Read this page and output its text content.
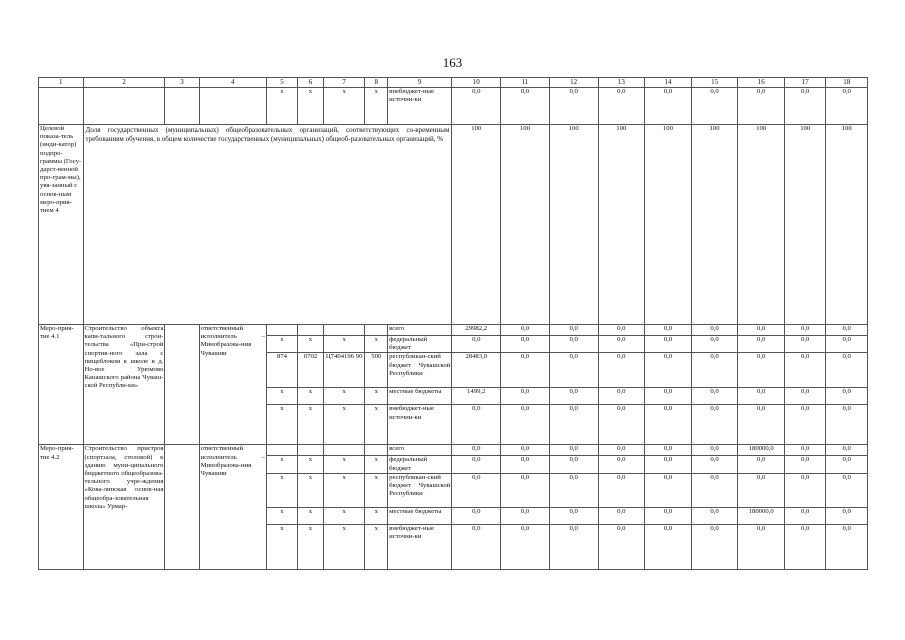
163
1	2	3	4	5	6	7	8	9	10	11	12	13	14	15	16	17	18
				x	x	x	x	внебюджет-ные источни-ки	0,0	0,0	0,0	0,0	0,0	0,0	0,0	0,0	0,0
Целевой показа-тель (инди-катор) подпро-граммы (Госу-дарст-венной про-грам-мы), увя-занный с основ-ным меро-прия-тием 4	Доля государственных (муниципальных) общеобразовательных организаций, соответствующих со-временным требованиям обучения, в общем количестве государственных (муниципальных) общеоб-разовательных организаций, %								100	100	100	100	100	100	100	100	100
Меро-прия-тие 4.1	Строительство объекта капи-тального строи-тельства «При-строй спортив-ного зала с пищеблоком к школе в д. Но-вое Урюмово Канашского района Чуваш-ской Республи-ки»		ответственный исполнитель – Минобразова-ния Чувашии					всего	29982,2	0,0	0,0	0,0	0,0	0,0	0,0	0,0	0,0
				x	x	x	x	федеральный бюджет	0,0	0,0	0,0	0,0	0,0	0,0	0,0	0,0	0,0
				874	0702	Ц7404196 90	500	республикан-ский бюджет Чувашской Республики	28483,0	0,0	0,0	0,0	0,0	0,0	0,0	0,0	0,0
				x	x	x	x	местные бюджеты	1499,2	0,0	0,0	0,0	0,0	0,0	0,0	0,0	0,0
				x	x	x	x	внебюджет-ные источни-ки	0,0	0,0	0,0	0,0	0,0	0,0	0,0	0,0	0,0
Меро-прия-тие 4.2	Строительство пристроя (спортзала, столовой) к зданию муни-ципального бюджетного общеобразова-тельного учре-ждения «Кова-линская основ-ная общеобра-зовательная школа» Урмар-		ответственный исполнитель – Минобразова-ния Чувашии					всего	0,0	0,0	0,0	0,0	0,0	0,0	180000,0	0,0	0,0
				x	x	x	x	федеральный бюджет	0,0	0,0	0,0	0,0	0,0	0,0	0,0	0,0	0,0
				x	x	x	x	республикан-ский бюджет Чувашской Республики	0,0	0,0	0,0	0,0	0,0	0,0	0,0	0,0	0,0
				x	x	x	x	местные бюджеты	0,0	0,0	0,0	0,0	0,0	0,0	180000,0	0,0	0,0
				x	x	x	x	внебюджет-ные источни-ки	0,0	0,0	0,0	0,0	0,0	0,0	0,0	0,0	0,0
